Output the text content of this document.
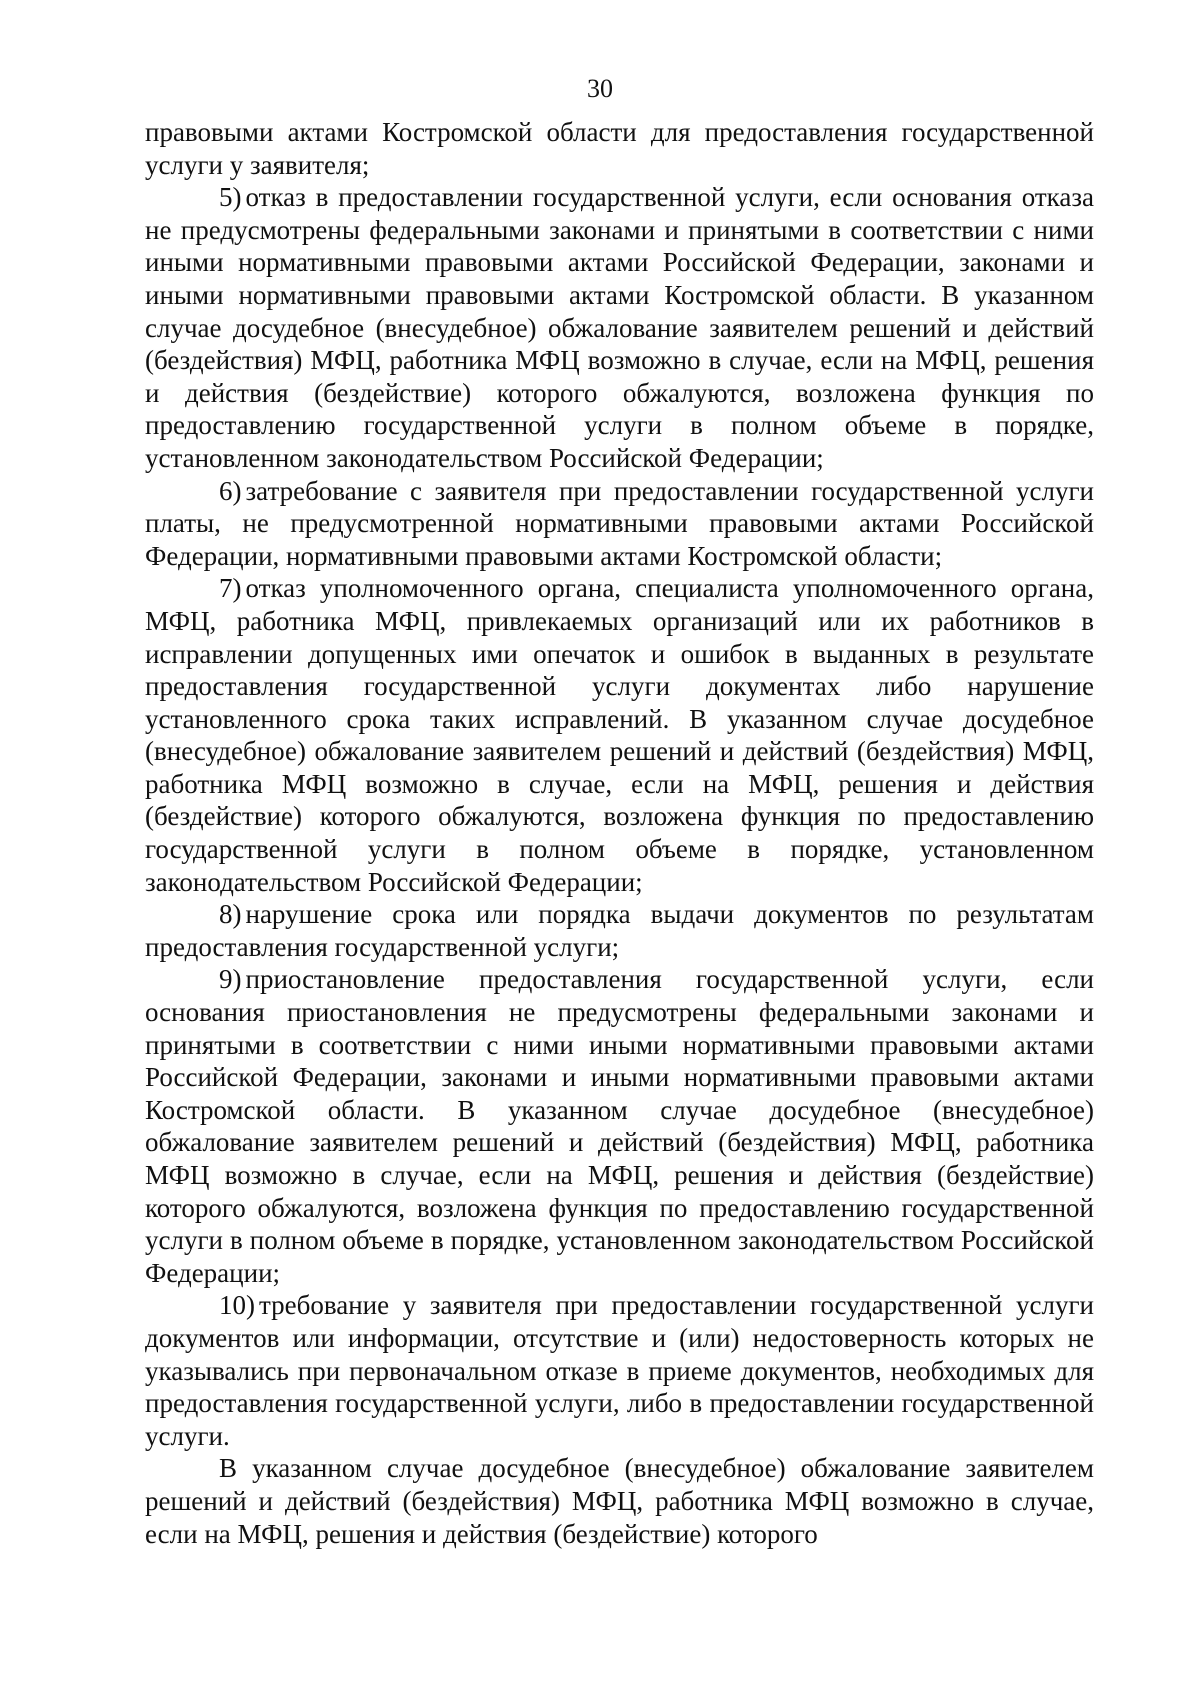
30

правовыми актами Костромской области для предоставления государственной услуги у заявителя;

5) отказ в предоставлении государственной услуги, если основания отказа не предусмотрены федеральными законами и принятыми в соответствии с ними иными нормативными правовыми актами Российской Федерации, законами и иными нормативными правовыми актами Костромской области. В указанном случае досудебное (внесудебное) обжалование заявителем решений и действий (бездействия) МФЦ, работника МФЦ возможно в случае, если на МФЦ, решения и действия (бездействие) которого обжалуются, возложена функция по предоставлению государственной услуги в полном объеме в порядке, установленном законодательством Российской Федерации;

6) затребование с заявителя при предоставлении государственной услуги платы, не предусмотренной нормативными правовыми актами Российской Федерации, нормативными правовыми актами Костромской области;

7) отказ уполномоченного органа, специалиста уполномоченного органа, МФЦ, работника МФЦ, привлекаемых организаций или их работников в исправлении допущенных ими опечаток и ошибок в выданных в результате предоставления государственной услуги документах либо нарушение установленного срока таких исправлений. В указанном случае досудебное (внесудебное) обжалование заявителем решений и действий (бездействия) МФЦ, работника МФЦ возможно в случае, если на МФЦ, решения и действия (бездействие) которого обжалуются, возложена функция по предоставлению государственной услуги в полном объеме в порядке, установленном законодательством Российской Федерации;

8) нарушение срока или порядка выдачи документов по результатам предоставления государственной услуги;

9) приостановление предоставления государственной услуги, если основания приостановления не предусмотрены федеральными законами и принятыми в соответствии с ними иными нормативными правовыми актами Российской Федерации, законами и иными нормативными правовыми актами Костромской области. В указанном случае досудебное (внесудебное) обжалование заявителем решений и действий (бездействия) МФЦ, работника МФЦ возможно в случае, если на МФЦ, решения и действия (бездействие) которого обжалуются, возложена функция по предоставлению государственной услуги в полном объеме в порядке, установленном законодательством Российской Федерации;

10) требование у заявителя при предоставлении государственной услуги документов или информации, отсутствие и (или) недостоверность которых не указывались при первоначальном отказе в приеме документов, необходимых для предоставления государственной услуги, либо в предоставлении государственной услуги.

В указанном случае досудебное (внесудебное) обжалование заявителем решений и действий (бездействия) МФЦ, работника МФЦ возможно в случае, если на МФЦ, решения и действия (бездействие) которого
